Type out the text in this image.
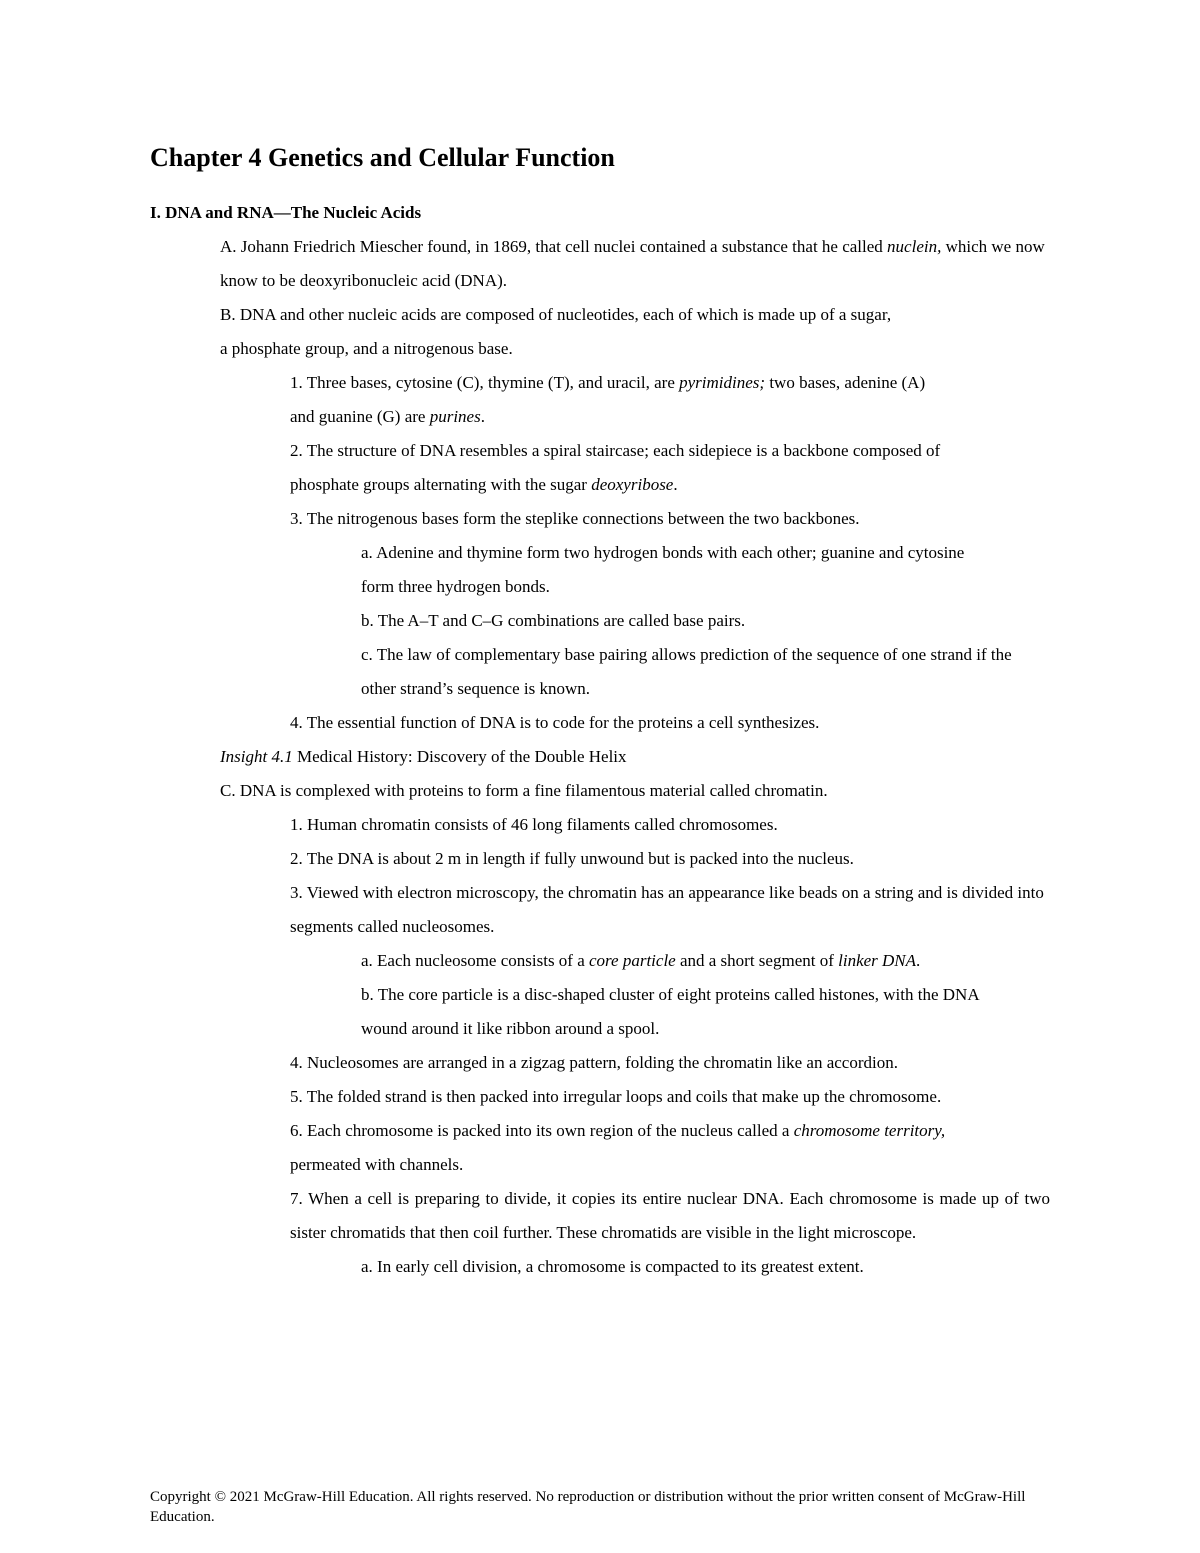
Chapter 4 Genetics and Cellular Function
I. DNA and RNA—The Nucleic Acids

A. Johann Friedrich Miescher found, in 1869, that cell nuclei contained a substance that he called nuclein, which we now know to be deoxyribonucleic acid (DNA).

B. DNA and other nucleic acids are composed of nucleotides, each of which is made up of a sugar, a phosphate group, and a nitrogenous base.

1. Three bases, cytosine (C), thymine (T), and uracil, are pyrimidines; two bases, adenine (A) and guanine (G) are purines.

2. The structure of DNA resembles a spiral staircase; each sidepiece is a backbone composed of phosphate groups alternating with the sugar deoxyribose.

3. The nitrogenous bases form the steplike connections between the two backbones.

a. Adenine and thymine form two hydrogen bonds with each other; guanine and cytosine form three hydrogen bonds.

b. The A–T and C–G combinations are called base pairs.

c. The law of complementary base pairing allows prediction of the sequence of one strand if the other strand’s sequence is known.

4. The essential function of DNA is to code for the proteins a cell synthesizes.

Insight 4.1 Medical History: Discovery of the Double Helix

C. DNA is complexed with proteins to form a fine filamentous material called chromatin.

1. Human chromatin consists of 46 long filaments called chromosomes.

2. The DNA is about 2 m in length if fully unwound but is packed into the nucleus.

3. Viewed with electron microscopy, the chromatin has an appearance like beads on a string and is divided into segments called nucleosomes.

a. Each nucleosome consists of a core particle and a short segment of linker DNA.

b. The core particle is a disc-shaped cluster of eight proteins called histones, with the DNA wound around it like ribbon around a spool.

4. Nucleosomes are arranged in a zigzag pattern, folding the chromatin like an accordion.

5. The folded strand is then packed into irregular loops and coils that make up the chromosome.

6. Each chromosome is packed into its own region of the nucleus called a chromosome territory, permeated with channels.

7. When a cell is preparing to divide, it copies its entire nuclear DNA. Each chromosome is made up of two sister chromatids that then coil further. These chromatids are visible in the light microscope.

a. In early cell division, a chromosome is compacted to its greatest extent.

Copyright © 2021 McGraw-Hill Education. All rights reserved. No reproduction or distribution without the prior written consent of McGraw-Hill Education.
